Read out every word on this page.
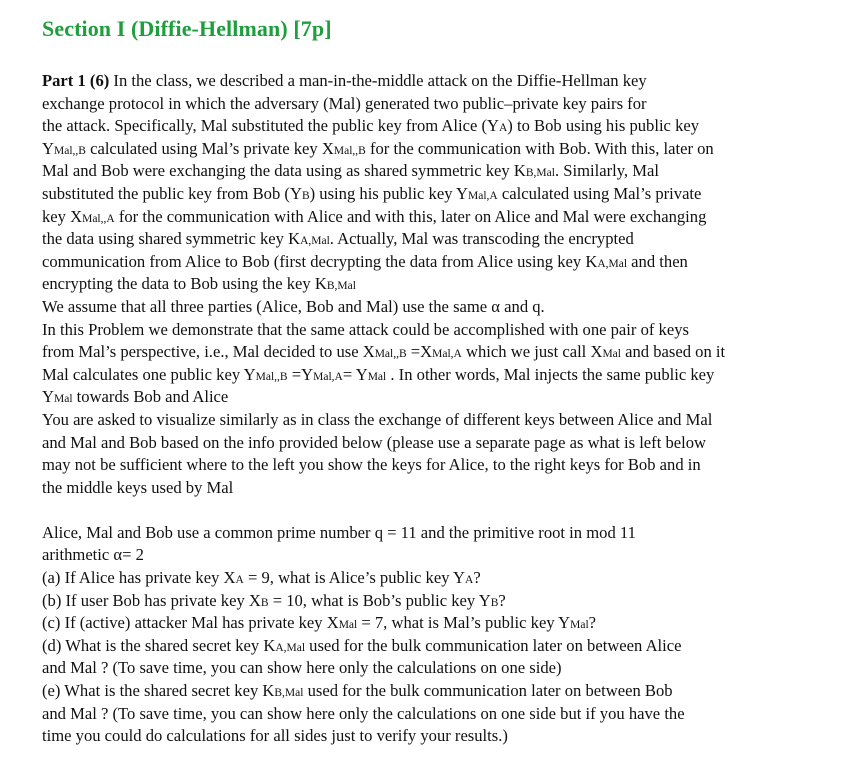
Section I (Diffie-Hellman) [7p]
Part 1 (6) In the class, we described a man-in-the-middle attack on the Diffie-Hellman key
exchange protocol in which the adversary (Mal) generated two public–private key pairs for
the attack. Specifically, Mal substituted the public key from Alice (YA) to Bob using his public key
YMal,,B calculated using Mal’s private key XMal,,B for the communication with Bob. With this, later on
Mal and Bob were exchanging the data using as shared symmetric key KB,Mal. Similarly, Mal
substituted the public key from Bob (YB) using his public key YMal,A calculated using Mal’s private
key XMal,,A for the communication with Alice and with this, later on Alice and Mal were exchanging
the data using shared symmetric key KA,Mal. Actually, Mal was transcoding the encrypted
communication from Alice to Bob (first decrypting the data from Alice using key KA,Mal and then
encrypting the data to Bob using the key KB,Mal
We assume that all three parties (Alice, Bob and Mal) use the same α and q.
In this Problem we demonstrate that the same attack could be accomplished with one pair of keys
from Mal’s perspective, i.e., Mal decided to use XMal,,B =XMal,A which we just call XMal and based on it
Mal calculates one public key YMal,,B =YMal,A= YMal . In other words, Mal injects the same public key
YMal towards Bob and Alice
You are asked to visualize similarly as in class the exchange of different keys between Alice and Mal
and Mal and Bob based on the info provided below (please use a separate page as what is left below
may not be sufficient where to the left you show the keys for Alice, to the right keys for Bob and in
the middle keys used by Mal
Alice, Mal and Bob use a common prime number q = 11 and the primitive root in mod 11
arithmetic α= 2
(a) If Alice has private key XA = 9, what is Alice’s public key YA?
(b) If user Bob has private key XB = 10, what is Bob’s public key YB?
(c) If (active) attacker Mal has private key XMal = 7, what is Mal’s public key YMal?
(d) What is the shared secret key KA,Mal used for the bulk communication later on between Alice
and Mal ? (To save time, you can show here only the calculations on one side)
(e) What is the shared secret key KB,Mal used for the bulk communication later on between Bob
and Mal ? (To save time, you can show here only the calculations on one side but if you have the
time you could do calculations for all sides just to verify your results.)
